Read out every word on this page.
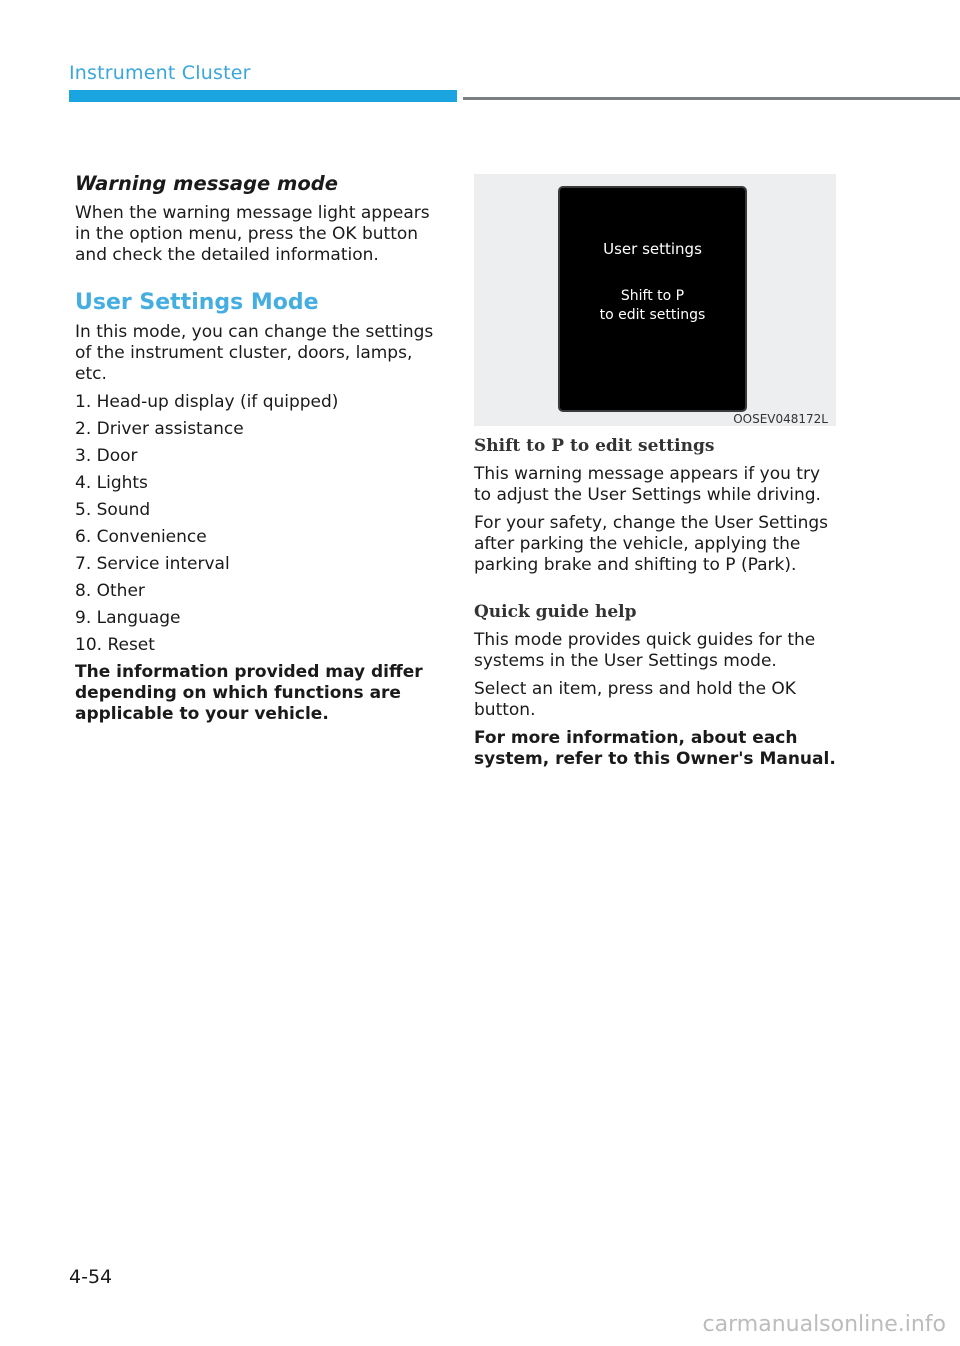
Instrument Cluster
Warning message mode

When the warning message light appears in the option menu, press the OK button and check the detailed information.

User Settings Mode

In this mode, you can change the settings of the instrument cluster, doors, lamps, etc.

1. Head-up display (if quipped)
2. Driver assistance
3. Door
4. Lights
5. Sound
6. Convenience
7. Service interval
8. Other
9. Language
10. Reset

The information provided may differ depending on which functions are applicable to your vehicle.

User settings
Shift to P
to edit settings
OOSEV048172L
Shift to P to edit settings

This warning message appears if you try to adjust the User Settings while driving.

For your safety, change the User Settings after parking the vehicle, applying the parking brake and shifting to P (Park).

Quick guide help

This mode provides quick guides for the systems in the User Settings mode.

Select an item, press and hold the OK button.

For more information, about each system, refer to this Owner's Manual.

4-54
carmanualsonline.info
